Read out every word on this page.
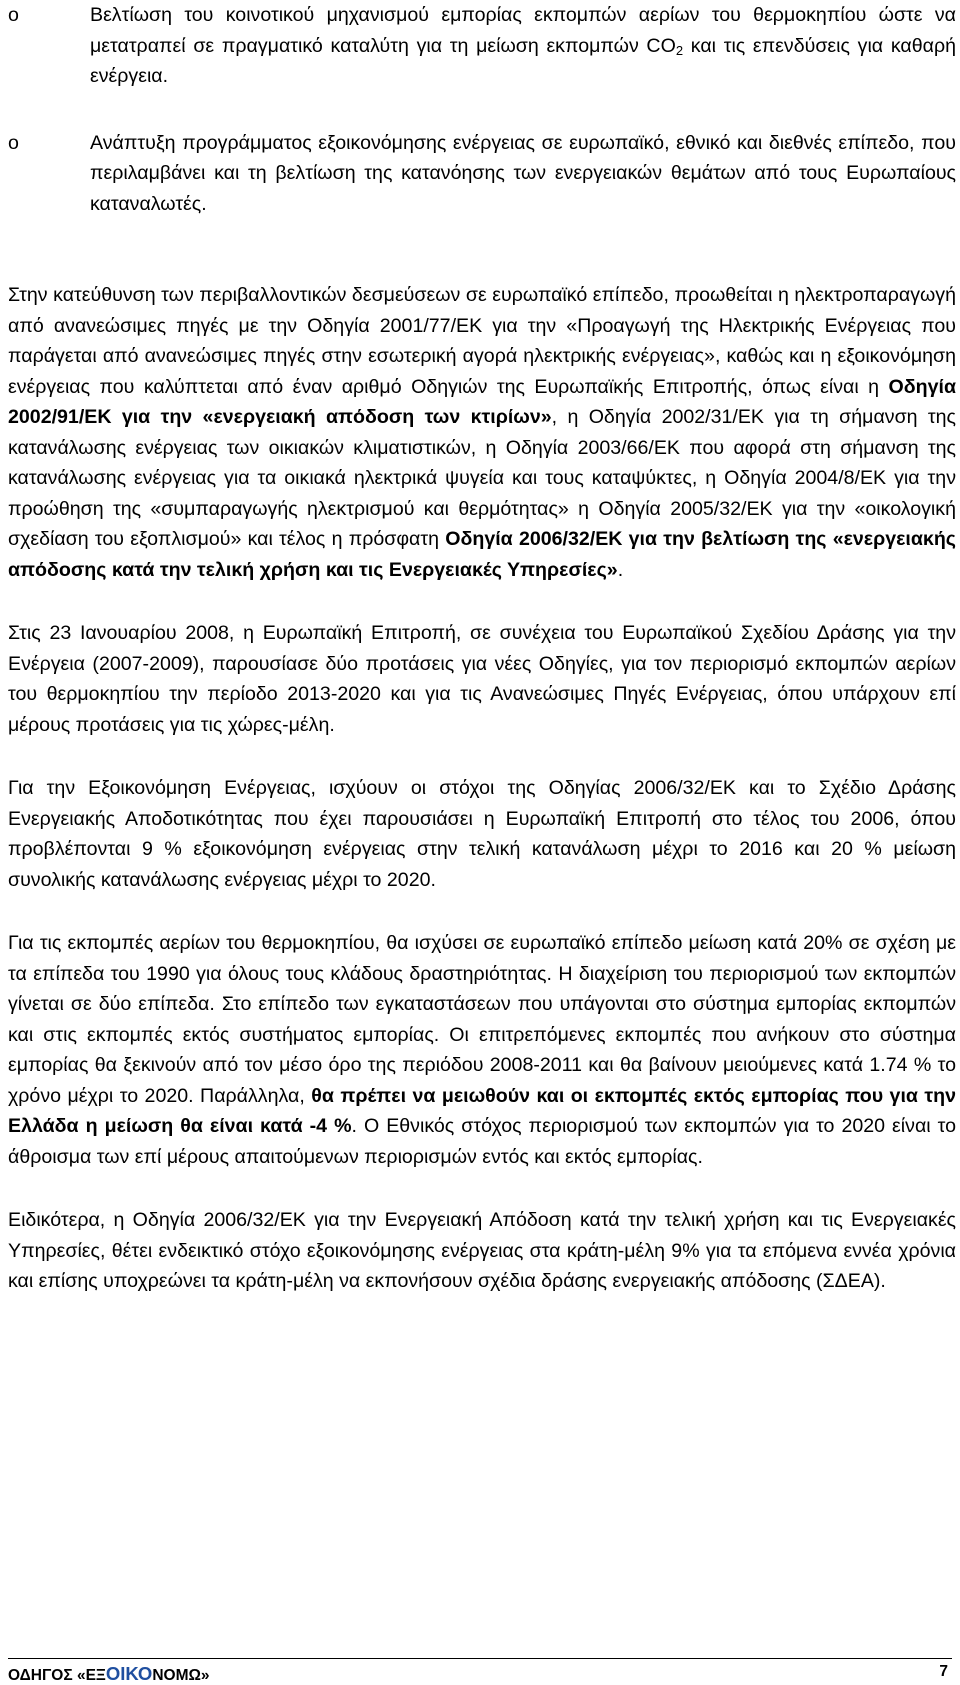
o	Βελτίωση του κοινοτικού μηχανισμού εμπορίας εκπομπών αερίων του θερμοκηπίου ώστε να μετατραπεί σε πραγματικό καταλύτη για τη μείωση εκπομπών $CO_2$ και τις επενδύσεις για καθαρή ενέργεια.
o	Ανάπτυξη προγράμματος εξοικονόμησης ενέργειας σε ευρωπαϊκό, εθνικό και διεθνές επίπεδο, που περιλαμβάνει και τη βελτίωση της κατανόησης των ενεργειακών θεμάτων από τους Ευρωπαίους καταναλωτές.
Στην κατεύθυνση των περιβαλλοντικών δεσμεύσεων σε ευρωπαϊκό επίπεδο, προωθείται η ηλεκτροπαραγωγή από ανανεώσιμες πηγές με την Οδηγία 2001/77/ΕΚ για την «Προαγωγή της Ηλεκτρικής Ενέργειας που παράγεται από ανανεώσιμες πηγές στην εσωτερική αγορά ηλεκτρικής ενέργειας», καθώς και η εξοικονόμηση ενέργειας που καλύπτεται από έναν αριθμό Οδηγιών της Ευρωπαϊκής Επιτροπής, όπως είναι η Οδηγία 2002/91/ΕΚ για την «ενεργειακή απόδοση των κτιρίων», η Οδηγία 2002/31/ΕΚ για τη σήμανση της κατανάλωσης ενέργειας των οικιακών κλιματιστικών, η Οδηγία 2003/66/ΕΚ που αφορά στη σήμανση της κατανάλωσης ενέργειας για τα οικιακά ηλεκτρικά ψυγεία και τους καταψύκτες, η Οδηγία 2004/8/ΕΚ για την προώθηση της «συμπαραγωγής ηλεκτρισμού και θερμότητας» η Οδηγία 2005/32/ΕΚ για την «οικολογική σχεδίαση του εξοπλισμού» και τέλος η πρόσφατη Οδηγία 2006/32/ΕΚ για την βελτίωση της «ενεργειακής απόδοσης κατά την τελική χρήση και τις Ενεργειακές Υπηρεσίες».
Στις 23 Ιανουαρίου 2008, η Ευρωπαϊκή Επιτροπή, σε συνέχεια του Ευρωπαϊκού Σχεδίου Δράσης για την Ενέργεια (2007-2009), παρουσίασε δύο προτάσεις για νέες Οδηγίες, για τον περιορισμό εκπομπών αερίων του θερμοκηπίου την περίοδο 2013-2020 και για τις Ανανεώσιμες Πηγές Ενέργειας, όπου υπάρχουν επί μέρους προτάσεις για τις χώρες-μέλη.
Για την Εξοικονόμηση Ενέργειας, ισχύουν οι στόχοι της Οδηγίας 2006/32/ΕΚ και το Σχέδιο Δράσης Ενεργειακής Αποδοτικότητας που έχει παρουσιάσει η Ευρωπαϊκή Επιτροπή στο τέλος του 2006, όπου προβλέπονται 9 % εξοικονόμηση ενέργειας στην τελική κατανάλωση μέχρι το 2016 και 20 % μείωση συνολικής κατανάλωσης ενέργειας μέχρι το 2020.
Για τις εκπομπές αερίων του θερμοκηπίου, θα ισχύσει σε ευρωπαϊκό επίπεδο μείωση κατά 20% σε σχέση με τα επίπεδα του 1990 για όλους τους κλάδους δραστηριότητας. Η διαχείριση του περιορισμού των εκπομπών γίνεται σε δύο επίπεδα. Στο επίπεδο των εγκαταστάσεων που υπάγονται στο σύστημα εμπορίας εκπομπών και στις εκπομπές εκτός συστήματος εμπορίας. Οι επιτρεπόμενες εκπομπές που ανήκουν στο σύστημα εμπορίας θα ξεκινούν από τον μέσο όρο της περιόδου 2008-2011 και θα βαίνουν μειούμενες κατά 1.74 % το χρόνο μέχρι το 2020. Παράλληλα, θα πρέπει να μειωθούν και οι εκπομπές εκτός εμπορίας που για την Ελλάδα η μείωση θα είναι κατά -4 %. Ο Εθνικός στόχος περιορισμού των εκπομπών για το 2020 είναι το άθροισμα των επί μέρους απαιτούμενων περιορισμών εντός και εκτός εμπορίας.
Ειδικότερα, η Οδηγία 2006/32/ΕΚ για την Ενεργειακή Απόδοση κατά την τελική χρήση και τις Ενεργειακές Υπηρεσίες, θέτει ενδεικτικό στόχο εξοικονόμησης ενέργειας στα κράτη-μέλη 9% για τα επόμενα εννέα χρόνια και επίσης υποχρεώνει τα κράτη-μέλη να εκπονήσουν σχέδια δράσης ενεργειακής απόδοσης (ΣΔΕΑ).
ΟΔΗΓΟΣ «ΕΞΟΙΚΟΝΟΜΩ»	7
